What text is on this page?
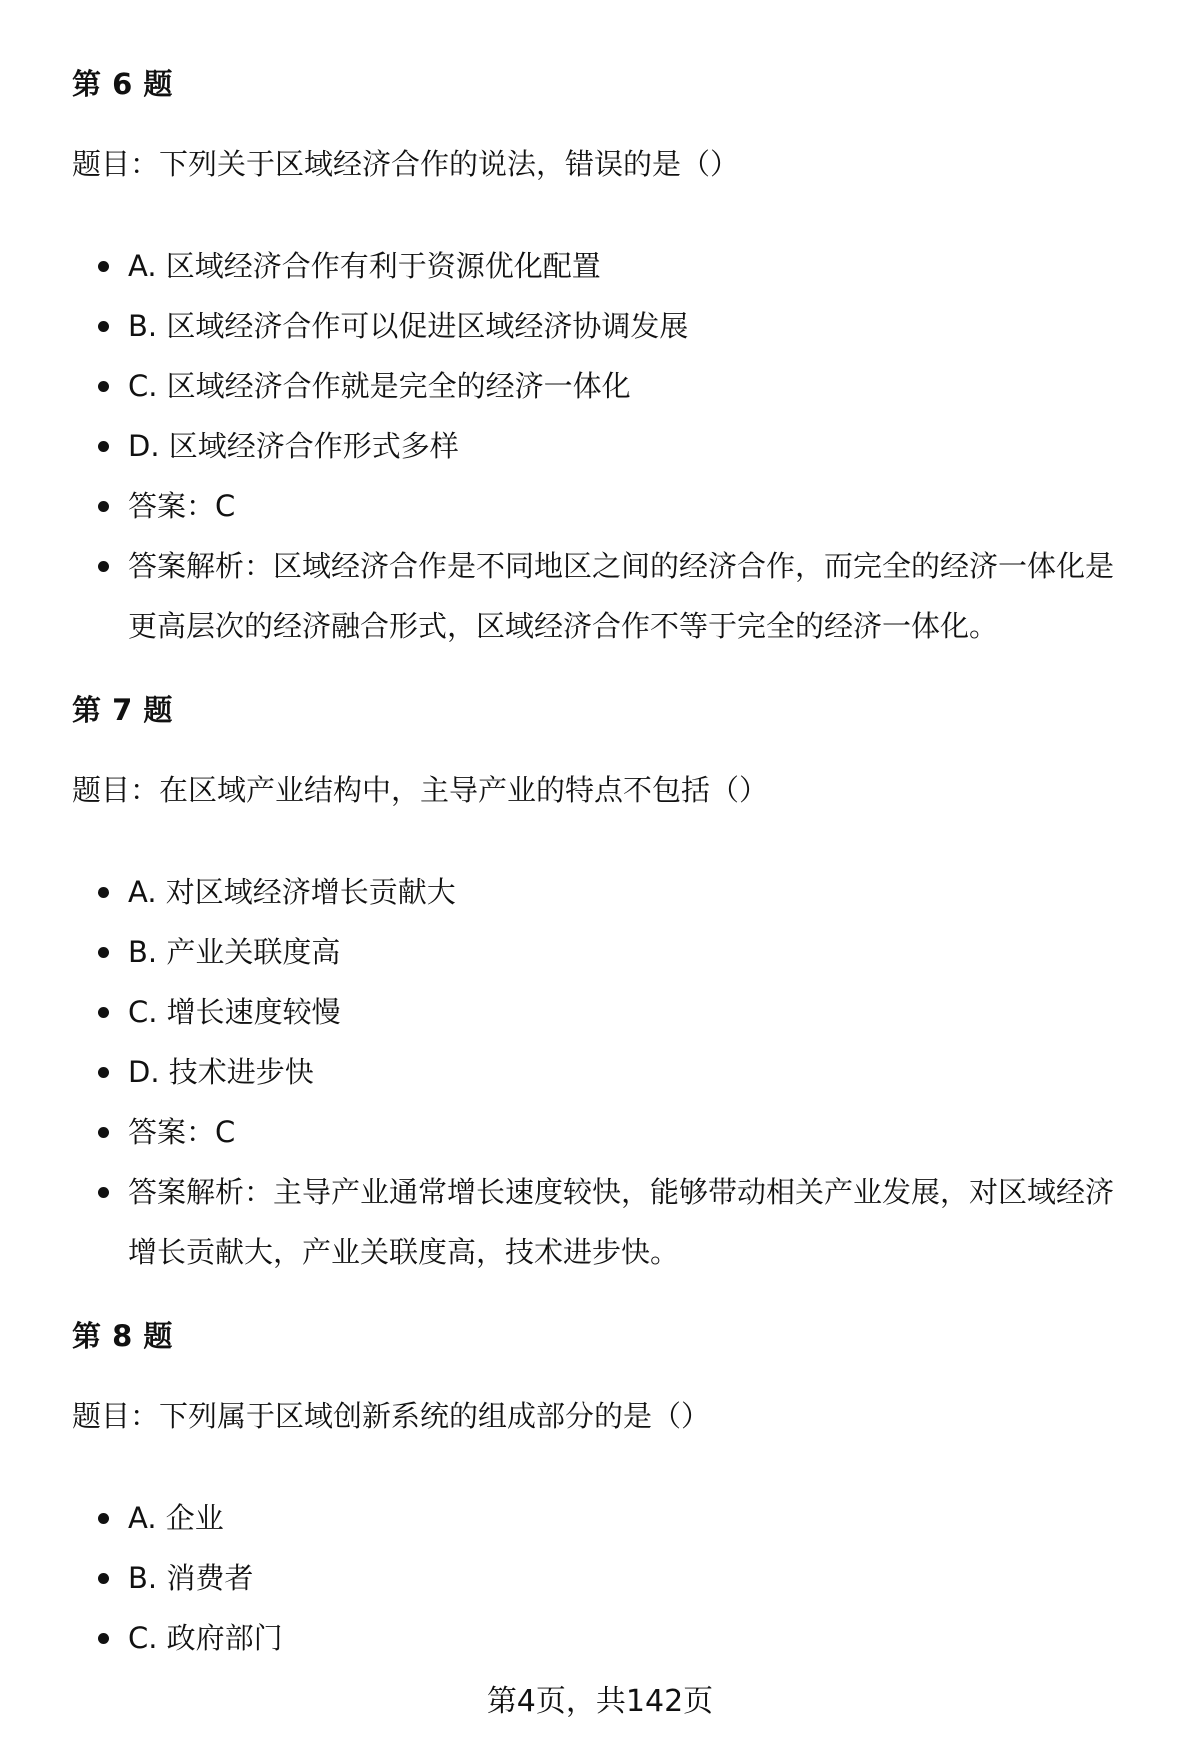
第 6 题

题目：下列关于区域经济合作的说法，错误的是（）

A. 区域经济合作有利于资源优化配置
B. 区域经济合作可以促进区域经济协调发展
C. 区域经济合作就是完全的经济一体化
D. 区域经济合作形式多样
答案：C
答案解析：区域经济合作是不同地区之间的经济合作，而完全的经济一体化是
更高层次的经济融合形式，区域经济合作不等于完全的经济一体化。
第 7 题

题目：在区域产业结构中，主导产业的特点不包括（）

A. 对区域经济增长贡献大
B. 产业关联度高
C. 增长速度较慢
D. 技术进步快
答案：C
答案解析：主导产业通常增长速度较快，能够带动相关产业发展，对区域经济
增长贡献大，产业关联度高，技术进步快。
第 8 题

题目：下列属于区域创新系统的组成部分的是（）

A. 企业
B. 消费者
C. 政府部门

第4页，共142页
